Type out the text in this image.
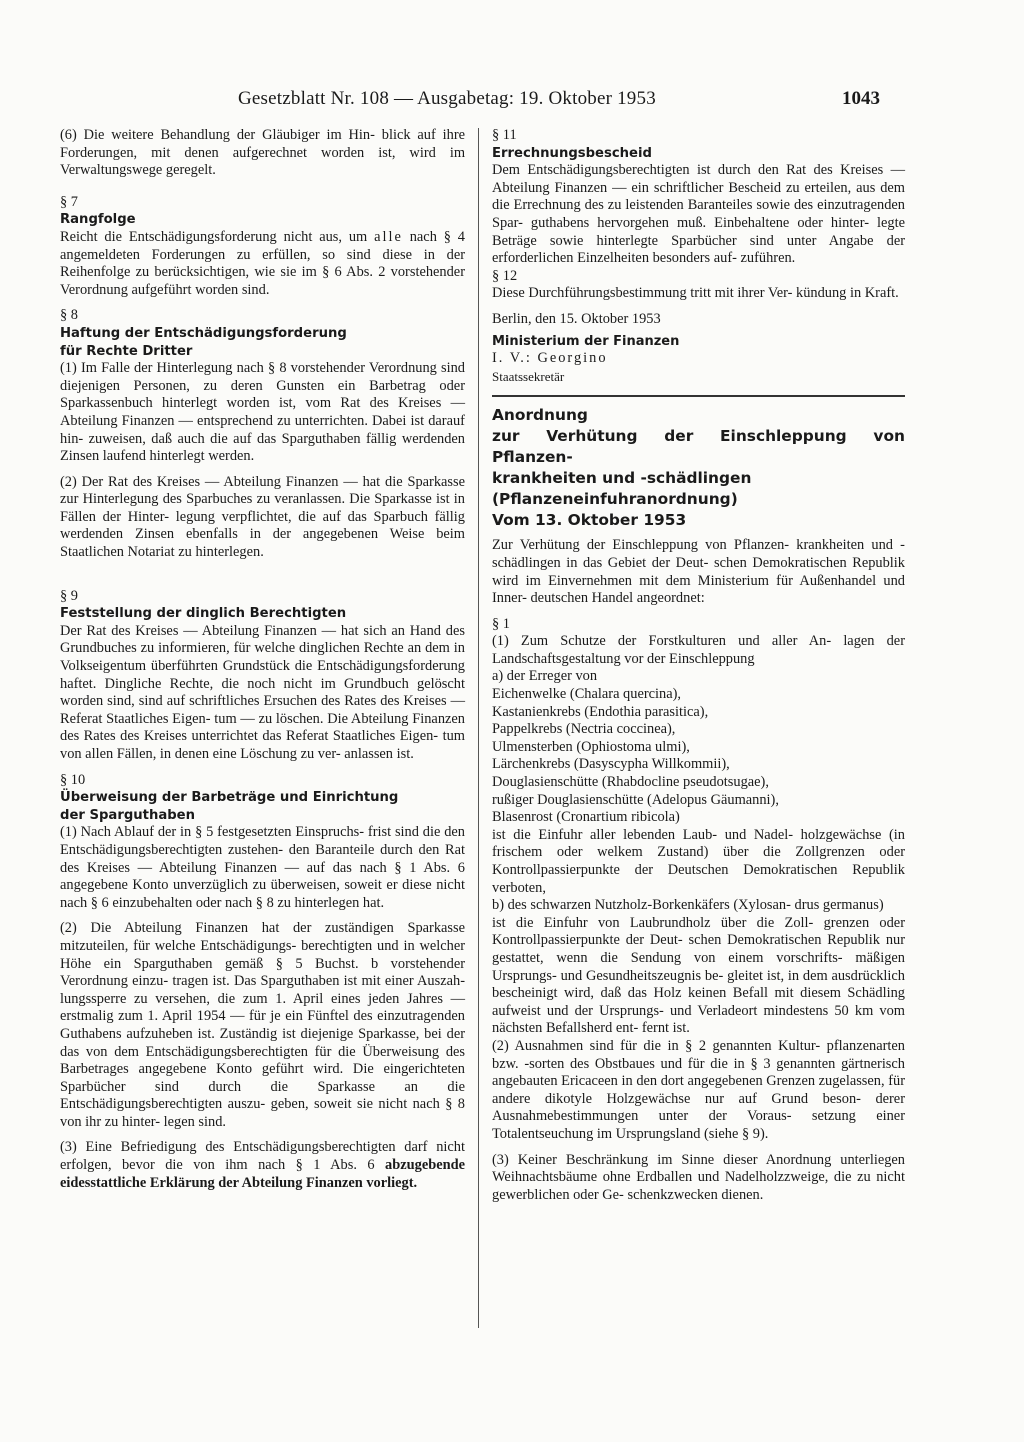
Gesetzblatt Nr. 108 — Ausgabetag: 19. Oktober 1953	1043

(6) Die weitere Behandlung der Gläubiger im Hin- blick auf ihre Forderungen, mit denen aufgerechnet worden ist, wird im Verwaltungswege geregelt.

§ 7

Rangfolge

Reicht die Entschädigungsforderung nicht aus, um alle nach § 4 angemeldeten Forderungen zu erfüllen, so sind diese in der Reihenfolge zu berücksichtigen, wie sie im § 6 Abs. 2 vorstehender Verordnung aufgeführt worden sind.

§ 8

Haftung der Entschädigungsforderung

für Rechte Dritter

(1) Im Falle der Hinterlegung nach § 8 vorstehender Verordnung sind diejenigen Personen, zu deren Gunsten ein Barbetrag oder Sparkassenbuch hinterlegt worden ist, vom Rat des Kreises — Abteilung Finanzen — entsprechend zu unterrichten. Dabei ist darauf hin- zuweisen, daß auch die auf das Sparguthaben fällig werdenden Zinsen laufend hinterlegt werden.

(2) Der Rat des Kreises — Abteilung Finanzen — hat die Sparkasse zur Hinterlegung des Sparbuches zu veranlassen. Die Sparkasse ist in Fällen der Hinter- legung verpflichtet, die auf das Sparbuch fällig werdenden Zinsen ebenfalls in der angegebenen Weise beim Staatlichen Notariat zu hinterlegen.

§ 9

Feststellung der dinglich Berechtigten

Der Rat des Kreises — Abteilung Finanzen — hat sich an Hand des Grundbuches zu informieren, für welche dinglichen Rechte an dem in Volkseigentum überführten Grundstück die Entschädigungsforderung haftet. Dingliche Rechte, die noch nicht im Grundbuch gelöscht worden sind, sind auf schriftliches Ersuchen des Rates des Kreises — Referat Staatliches Eigen- tum — zu löschen. Die Abteilung Finanzen des Rates des Kreises unterrichtet das Referat Staatliches Eigen- tum von allen Fällen, in denen eine Löschung zu ver- anlassen ist.

§ 10

Überweisung der Barbeträge und Einrichtung

der Sparguthaben

(1) Nach Ablauf der in § 5 festgesetzten Einspruchs- frist sind die den Entschädigungsberechtigten zustehen- den Baranteile durch den Rat des Kreises — Abteilung Finanzen — auf das nach § 1 Abs. 6 angegebene Konto unverzüglich zu überweisen, soweit er diese nicht nach § 6 einzubehalten oder nach § 8 zu hinterlegen hat.

(2) Die Abteilung Finanzen hat der zuständigen Sparkasse mitzuteilen, für welche Entschädigungs- berechtigten und in welcher Höhe ein Sparguthaben gemäß § 5 Buchst. b vorstehender Verordnung einzu- tragen ist. Das Sparguthaben ist mit einer Auszah- lungssperre zu versehen, die zum 1. April eines jeden Jahres — erstmalig zum 1. April 1954 — für je ein Fünftel des einzutragenden Guthabens aufzuheben ist. Zuständig ist diejenige Sparkasse, bei der das von dem Entschädigungsberechtigten für die Überweisung des Barbetrages angegebene Konto geführt wird. Die eingerichteten Sparbücher sind durch die Sparkasse an die Entschädigungsberechtigten auszu- geben, soweit sie nicht nach § 8 von ihr zu hinter- legen sind.

(3) Eine Befriedigung des Entschädigungsberechtigten darf nicht erfolgen, bevor die von ihm nach § 1 Abs. 6 abzugebende eidesstattliche Erklärung der Abteilung Finanzen vorliegt.

§ 11

Errechnungsbescheid

Dem Entschädigungsberechtigten ist durch den Rat des Kreises — Abteilung Finanzen — ein schriftlicher Bescheid zu erteilen, aus dem die Errechnung des zu leistenden Baranteiles sowie des einzutragenden Spar- guthabens hervorgehen muß. Einbehaltene oder hinter- legte Beträge sowie hinterlegte Sparbücher sind unter Angabe der erforderlichen Einzelheiten besonders auf- zuführen.

§ 12

Diese Durchführungsbestimmung tritt mit ihrer Ver- kündung in Kraft.

Berlin, den 15. Oktober 1953

Ministerium der Finanzen

I. V.: Georgino

Staatssekretär

Anordnung

zur Verhütung der Einschleppung von Pflanzen-

krankheiten und -schädlingen

(Pflanzeneinfuhranordnung)

Vom 13. Oktober 1953

Zur Verhütung der Einschleppung von Pflanzen- krankheiten und -schädlingen in das Gebiet der Deut- schen Demokratischen Republik wird im Einvernehmen mit dem Ministerium für Außenhandel und Inner- deutschen Handel angeordnet:

§ 1

(1) Zum Schutze der Forstkulturen und aller An- lagen der Landschaftsgestaltung vor der Einschleppung

a) der Erreger von

Eichenwelke (Chalara quercina),

Kastanienkrebs (Endothia parasitica),

Pappelkrebs (Nectria coccinea),

Ulmensterben (Ophiostoma ulmi),

Lärchenkrebs (Dasyscypha Willkommii),

Douglasienschütte (Rhabdocline pseudotsugae),

rußiger Douglasienschütte (Adelopus Gäumanni),

Blasenrost (Cronartium ribicola)

ist die Einfuhr aller lebenden Laub- und Nadel- holzgewächse (in frischem oder welkem Zustand) über die Zollgrenzen oder Kontrollpassierpunkte der Deutschen Demokratischen Republik verboten,

b) des schwarzen Nutzholz-Borkenkäfers (Xylosan- drus germanus)

ist die Einfuhr von Laubrundholz über die Zoll- grenzen oder Kontrollpassierpunkte der Deut- schen Demokratischen Republik nur gestattet, wenn die Sendung von einem vorschrifts- mäßigen Ursprungs- und Gesundheitszeugnis be- gleitet ist, in dem ausdrücklich bescheinigt wird, daß das Holz keinen Befall mit diesem Schädling aufweist und der Ursprungs- und Verladeort mindestens 50 km vom nächsten Befallsherd ent- fernt ist.

(2) Ausnahmen sind für die in § 2 genannten Kultur- pflanzenarten bzw. -sorten des Obstbaues und für die in § 3 genannten gärtnerisch angebauten Ericaceen in den dort angegebenen Grenzen zugelassen, für andere dikotyle Holzgewächse nur auf Grund beson- derer Ausnahmebestimmungen unter der Voraus- setzung einer Totalentseuchung im Ursprungsland (siehe § 9).

(3) Keiner Beschränkung im Sinne dieser Anordnung unterliegen Weihnachtsbäume ohne Erdballen und Nadelholzzweige, die zu nicht gewerblichen oder Ge- schenkzwecken dienen.
